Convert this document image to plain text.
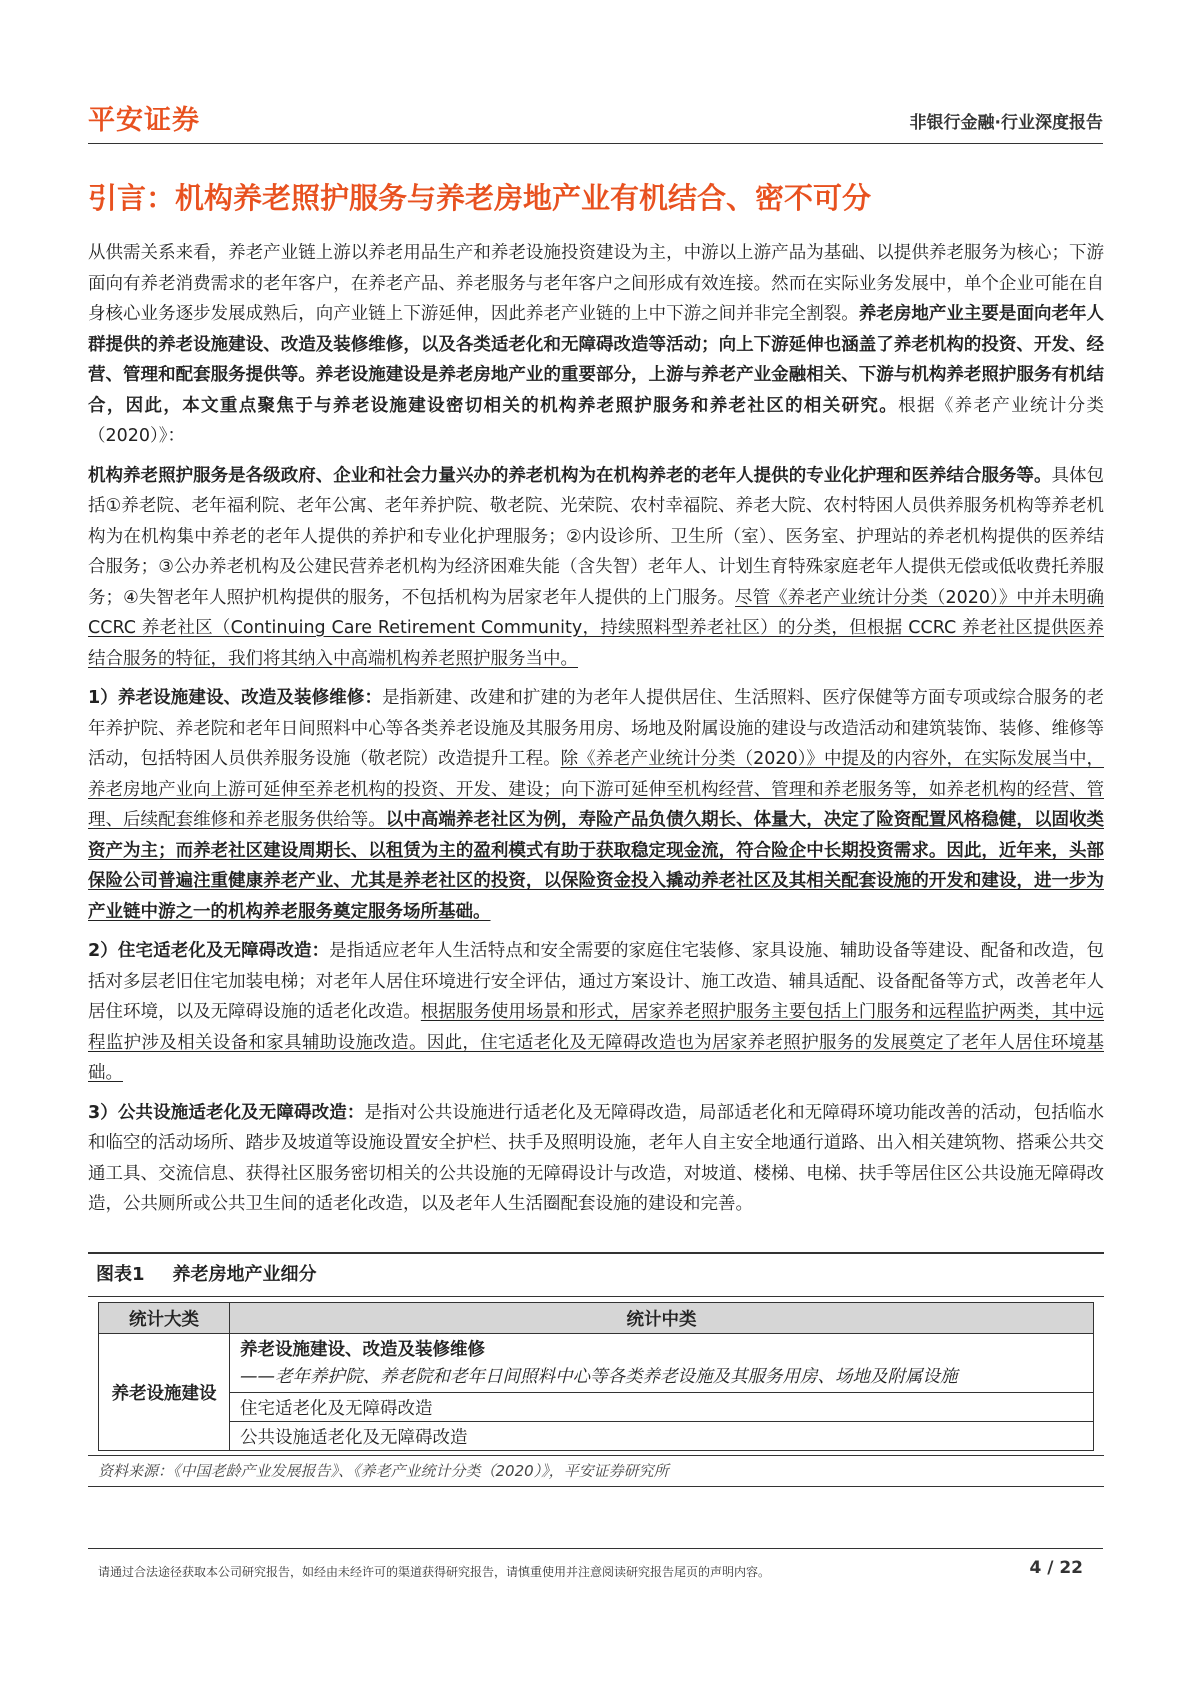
平安证券	非银行金融·行业深度报告
引言：机构养老照护服务与养老房地产业有机结合、密不可分

从供需关系来看，养老产业链上游以养老用品生产和养老设施投资建设为主，中游以上游产品为基础、以提供养老服务为核心；下游面向有养老消费需求的老年客户，在养老产品、养老服务与老年客户之间形成有效连接。然而在实际业务发展中，单个企业可能在自身核心业务逐步发展成熟后，向产业链上下游延伸，因此养老产业链的上中下游之间并非完全割裂。养老房地产业主要是面向老年人群提供的养老设施建设、改造及装修维修，以及各类适老化和无障碍改造等活动；向上下游延伸也涵盖了养老机构的投资、开发、经营、管理和配套服务提供等。养老设施建设是养老房地产业的重要部分，上游与养老产业金融相关、下游与机构养老照护服务有机结合，因此，本文重点聚焦于与养老设施建设密切相关的机构养老照护服务和养老社区的相关研究。根据《养老产业统计分类（2020）》：

机构养老照护服务是各级政府、企业和社会力量兴办的养老机构为在机构养老的老年人提供的专业化护理和医养结合服务等。具体包括①养老院、老年福利院、老年公寓、老年养护院、敬老院、光荣院、农村幸福院、养老大院、农村特困人员供养服务机构等养老机构为在机构集中养老的老年人提供的养护和专业化护理服务；②内设诊所、卫生所（室）、医务室、护理站的养老机构提供的医养结合服务；③公办养老机构及公建民营养老机构为经济困难失能（含失智）老年人、计划生育特殊家庭老年人提供无偿或低收费托养服务；④失智老年人照护机构提供的服务，不包括机构为居家老年人提供的上门服务。尽管《养老产业统计分类（2020）》中并未明确 CCRC 养老社区（Continuing Care Retirement Community，持续照料型养老社区）的分类，但根据 CCRC 养老社区提供医养结合服务的特征，我们将其纳入中高端机构养老照护服务当中。

1）养老设施建设、改造及装修维修：是指新建、改建和扩建的为老年人提供居住、生活照料、医疗保健等方面专项或综合服务的老年养护院、养老院和老年日间照料中心等各类养老设施及其服务用房、场地及附属设施的建设与改造活动和建筑装饰、装修、维修等活动，包括特困人员供养服务设施（敬老院）改造提升工程。除《养老产业统计分类（2020）》中提及的内容外，在实际发展当中，养老房地产业向上游可延伸至养老机构的投资、开发、建设；向下游可延伸至机构经营、管理和养老服务等，如养老机构的经营、管理、后续配套维修和养老服务供给等。以中高端养老社区为例，寿险产品负债久期长、体量大，决定了险资配置风格稳健，以固收类资产为主；而养老社区建设周期长、以租赁为主的盈利模式有助于获取稳定现金流，符合险企中长期投资需求。因此，近年来，头部保险公司普遍注重健康养老产业、尤其是养老社区的投资，以保险资金投入撬动养老社区及其相关配套设施的开发和建设，进一步为产业链中游之一的机构养老服务奠定服务场所基础。

2）住宅适老化及无障碍改造：是指适应老年人生活特点和安全需要的家庭住宅装修、家具设施、辅助设备等建设、配备和改造，包括对多层老旧住宅加装电梯；对老年人居住环境进行安全评估，通过方案设计、施工改造、辅具适配、设备配备等方式，改善老年人居住环境，以及无障碍设施的适老化改造。根据服务使用场景和形式，居家养老照护服务主要包括上门服务和远程监护两类，其中远程监护涉及相关设备和家具辅助设施改造。因此，住宅适老化及无障碍改造也为居家养老照护服务的发展奠定了老年人居住环境基础。

3）公共设施适老化及无障碍改造：是指对公共设施进行适老化及无障碍改造，局部适老化和无障碍环境功能改善的活动，包括临水和临空的活动场所、踏步及坡道等设施设置安全护栏、扶手及照明设施，老年人自主安全地通行道路、出入相关建筑物、搭乘公共交通工具、交流信息、获得社区服务密切相关的公共设施的无障碍设计与改造，对坡道、楼梯、电梯、扶手等居住区公共设施无障碍改造，公共厕所或公共卫生间的适老化改造，以及老年人生活圈配套设施的建设和完善。

图表1 养老房地产业细分
统计大类	统计中类
养老设施建设	养老设施建设、改造及装修维修
——老年养护院、养老院和老年日间照料中心等各类养老设施及其服务用房、场地及附属设施

	住宅适老化及无障碍改造
	公共设施适老化及无障碍改造
资料来源：《中国老龄产业发展报告》、《养老产业统计分类（2020）》，平安证券研究所
请通过合法途径获取本公司研究报告，如经由未经许可的渠道获得研究报告，请慎重使用并注意阅读研究报告尾页的声明内容。	4 / 22
